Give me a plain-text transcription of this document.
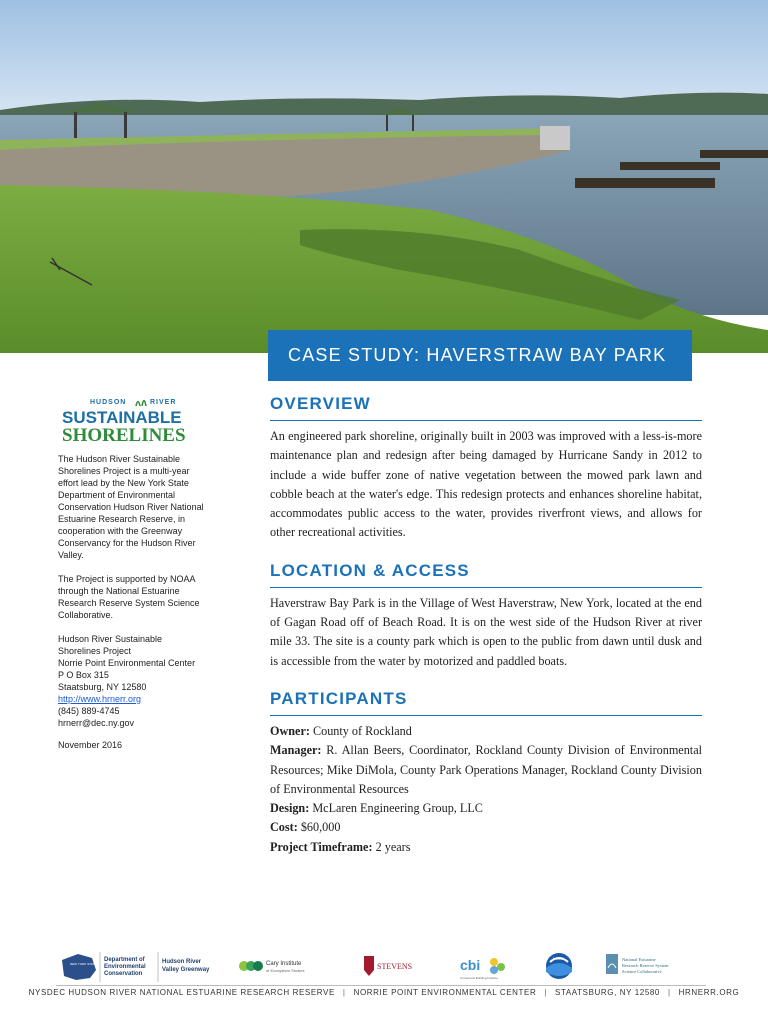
CASE STUDY: HAVERSTRAW BAY PARK
HUDSON	RIVER
SUSTAINABLE
SHORELINES

The Hudson River Sustainable Shorelines Project is a multi-year effort lead by the New York State Department of Environmental Conservation Hudson River National Estuarine Research Reserve, in cooperation with the Greenway Conservancy for the Hudson River Valley.

The Project is supported by NOAA through the National Estuarine Research Reserve System Science Collaborative.

Hudson River Sustainable
Shorelines Project
Norrie Point Environmental Center
P O Box 315
Staatsburg, NY 12580
http://www.hrnerr.org
(845) 889-4745
hrnerr@dec.ny.gov

November 2016

OVERVIEW

An engineered park shoreline, originally built in 2003 was improved with a less-is-more maintenance plan and redesign after being damaged by Hurricane Sandy in 2012 to include a wide buffer zone of native vegetation between the mowed park lawn and cobble beach at the water's edge. This redesign protects and enhances shoreline habitat, accommodates public access to the water, provides riverfront views, and allows for other recreational activities.

LOCATION & ACCESS

Haverstraw Bay Park is in the Village of West Haverstraw, New York, located at the end of Gagan Road off of Beach Road. It is on the west side of the Hudson River at river mile 33. The site is a county park which is open to the public from dawn until dusk and is accessible from the water by motorized and paddled boats.

PARTICIPANTS

Owner: County of Rockland

Manager: R. Allan Beers, Coordinator, Rockland County Division of Environmental Resources; Mike DiMola, County Park Operations Manager, Rockland County Division of Environmental Resources

Design: McLaren Engineering Group, LLC

Cost: $60,000

Project Timeframe: 2 years

NEW YORK STATE OF OPPORTUNITY
Department of
Environmental
Conservation
Hudson River
Valley Greenway
Cary Institute
of Ecosystem Studies	STEVENS	cbi
Consensus Building Institute
NOAA	National Estuarine
Research Reserve System
Science Collaborative
NYSDEC HUDSON RIVER NATIONAL ESTUARINE RESEARCH RESERVE | NORRIE POINT ENVIRONMENTAL CENTER | STAATSBURG, NY 12580 | HRNERR.ORG
